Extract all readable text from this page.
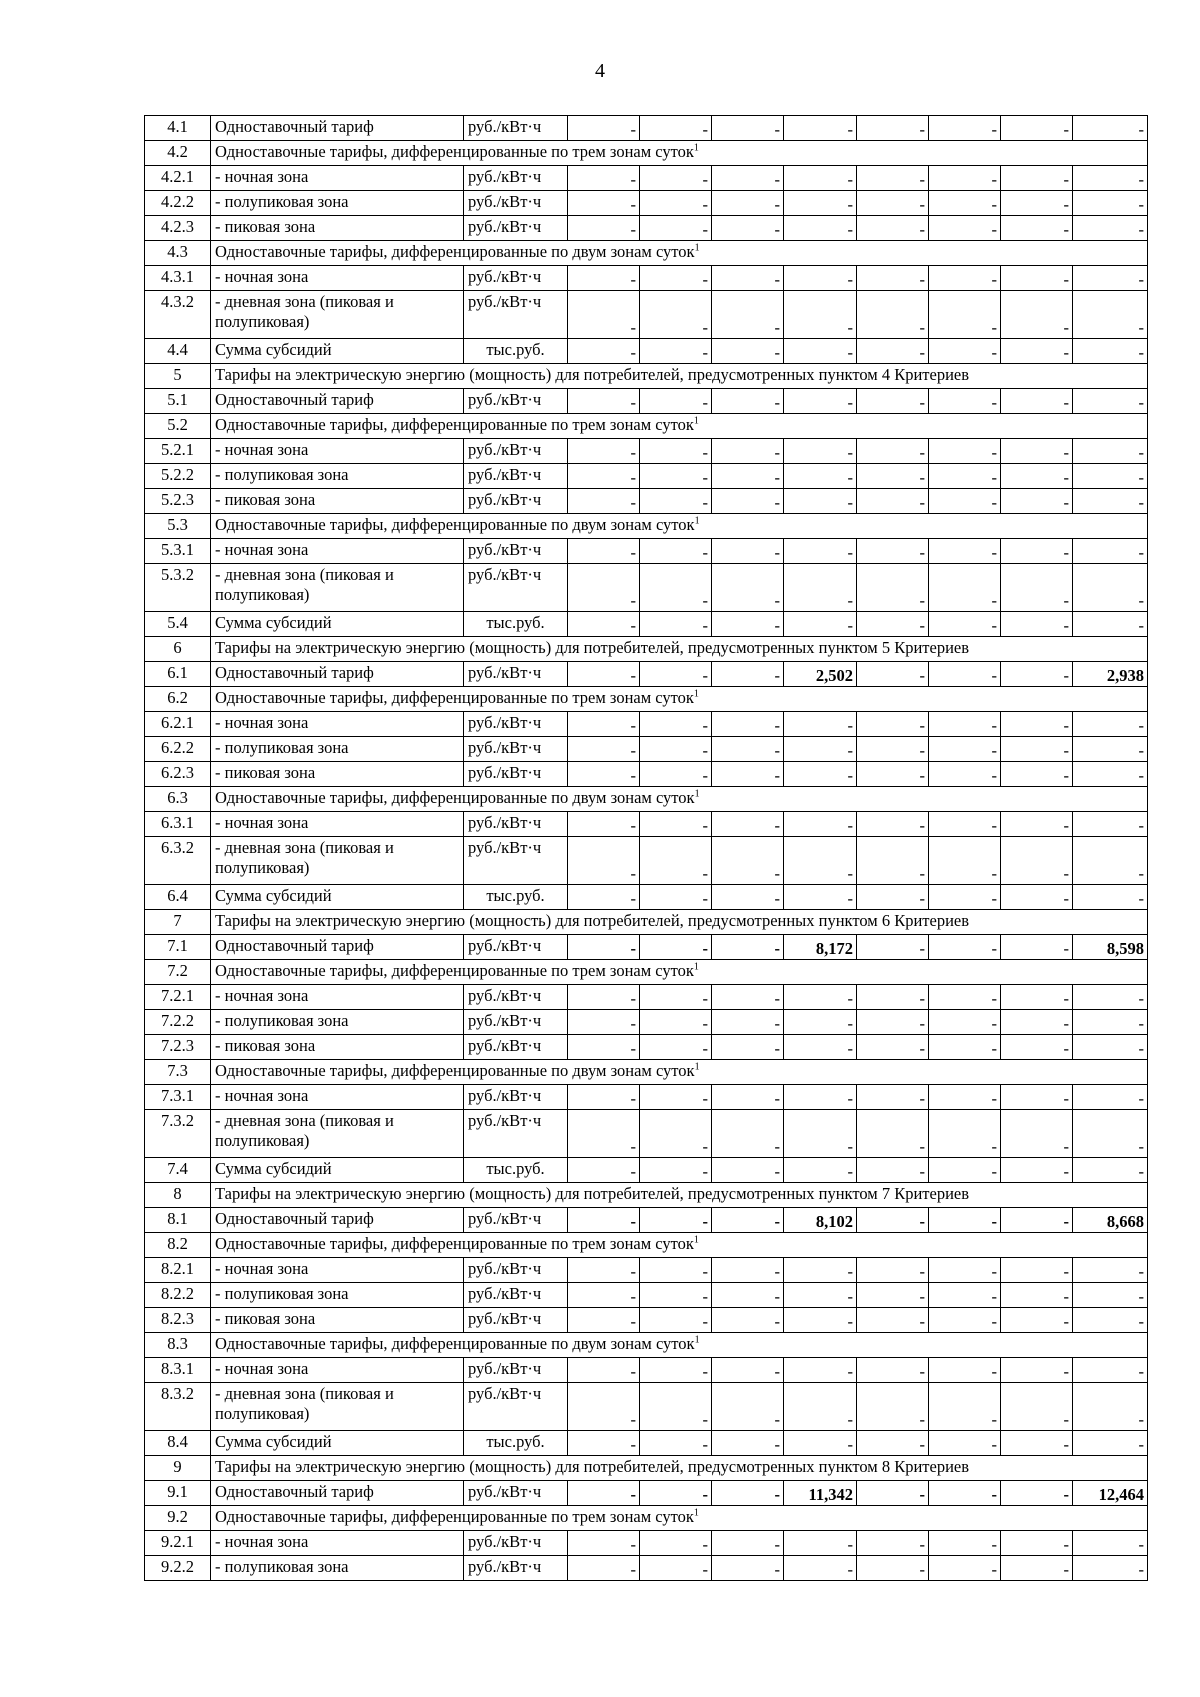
4
4.1	Одноставочный тариф	руб./кВт·ч	-	-	-	-	-	-	-	-
4.2	Одноставочные тарифы, дифференцированные по трем зонам суток$^1$
4.2.1	- ночная зона	руб./кВт·ч	-	-	-	-	-	-	-	-
4.2.2	- полупиковая зона	руб./кВт·ч	-	-	-	-	-	-	-	-
4.2.3	- пиковая зона	руб./кВт·ч	-	-	-	-	-	-	-	-
4.3	Одноставочные тарифы, дифференцированные по двум зонам суток$^1$
4.3.1	- ночная зона	руб./кВт·ч	-	-	-	-	-	-	-	-
4.3.2	- дневная зона (пиковая и полупиковая)	руб./кВт·ч	-	-	-	-	-	-	-	-
4.4	Сумма субсидий	тыс.руб.	-	-	-	-	-	-	-	-
5	Тарифы на электрическую энергию (мощность) для потребителей, предусмотренных пунктом 4 Критериев									
5.1	Одноставочный тариф	руб./кВт·ч	-	-	-	-	-	-	-	-
5.2	Одноставочные тарифы, дифференцированные по трем зонам суток$^1$
5.2.1	- ночная зона	руб./кВт·ч	-	-	-	-	-	-	-	-
5.2.2	- полупиковая зона	руб./кВт·ч	-	-	-	-	-	-	-	-
5.2.3	- пиковая зона	руб./кВт·ч	-	-	-	-	-	-	-	-
5.3	Одноставочные тарифы, дифференцированные по двум зонам суток$^1$
5.3.1	- ночная зона	руб./кВт·ч	-	-	-	-	-	-	-	-
5.3.2	- дневная зона (пиковая и полупиковая)	руб./кВт·ч	-	-	-	-	-	-	-	-
5.4	Сумма субсидий	тыс.руб.	-	-	-	-	-	-	-	-
6	Тарифы на электрическую энергию (мощность) для потребителей, предусмотренных пунктом 5 Критериев									
6.1	Одноставочный тариф	руб./кВт·ч	-	-	-	2,502	-	-	-	2,938
6.2	Одноставочные тарифы, дифференцированные по трем зонам суток$^1$
6.2.1	- ночная зона	руб./кВт·ч	-	-	-	-	-	-	-	-
6.2.2	- полупиковая зона	руб./кВт·ч	-	-	-	-	-	-	-	-
6.2.3	- пиковая зона	руб./кВт·ч	-	-	-	-	-	-	-	-
6.3	Одноставочные тарифы, дифференцированные по двум зонам суток$^1$
6.3.1	- ночная зона	руб./кВт·ч	-	-	-	-	-	-	-	-
6.3.2	- дневная зона (пиковая и полупиковая)	руб./кВт·ч	-	-	-	-	-	-	-	-
6.4	Сумма субсидий	тыс.руб.	-	-	-	-	-	-	-	-
7	Тарифы на электрическую энергию (мощность) для потребителей, предусмотренных пунктом 6 Критериев									
7.1	Одноставочный тариф	руб./кВт·ч	-	-	-	8,172	-	-	-	8,598
7.2	Одноставочные тарифы, дифференцированные по трем зонам суток$^1$
7.2.1	- ночная зона	руб./кВт·ч	-	-	-	-	-	-	-	-
7.2.2	- полупиковая зона	руб./кВт·ч	-	-	-	-	-	-	-	-
7.2.3	- пиковая зона	руб./кВт·ч	-	-	-	-	-	-	-	-
7.3	Одноставочные тарифы, дифференцированные по двум зонам суток$^1$
7.3.1	- ночная зона	руб./кВт·ч	-	-	-	-	-	-	-	-
7.3.2	- дневная зона (пиковая и полупиковая)	руб./кВт·ч	-	-	-	-	-	-	-	-
7.4	Сумма субсидий	тыс.руб.	-	-	-	-	-	-	-	-
8	Тарифы на электрическую энергию (мощность) для потребителей, предусмотренных пунктом 7 Критериев									
8.1	Одноставочный тариф	руб./кВт·ч	-	-	-	8,102	-	-	-	8,668
8.2	Одноставочные тарифы, дифференцированные по трем зонам суток$^1$
8.2.1	- ночная зона	руб./кВт·ч	-	-	-	-	-	-	-	-
8.2.2	- полупиковая зона	руб./кВт·ч	-	-	-	-	-	-	-	-
8.2.3	- пиковая зона	руб./кВт·ч	-	-	-	-	-	-	-	-
8.3	Одноставочные тарифы, дифференцированные по двум зонам суток$^1$
8.3.1	- ночная зона	руб./кВт·ч	-	-	-	-	-	-	-	-
8.3.2	- дневная зона (пиковая и полупиковая)	руб./кВт·ч	-	-	-	-	-	-	-	-
8.4	Сумма субсидий	тыс.руб.	-	-	-	-	-	-	-	-
9	Тарифы на электрическую энергию (мощность) для потребителей, предусмотренных пунктом 8 Критериев									
9.1	Одноставочный тариф	руб./кВт·ч	-	-	-	11,342	-	-	-	12,464
9.2	Одноставочные тарифы, дифференцированные по трем зонам суток$^1$
9.2.1	- ночная зона	руб./кВт·ч	-	-	-	-	-	-	-	-
9.2.2	- полупиковая зона	руб./кВт·ч	-	-	-	-	-	-	-	-
